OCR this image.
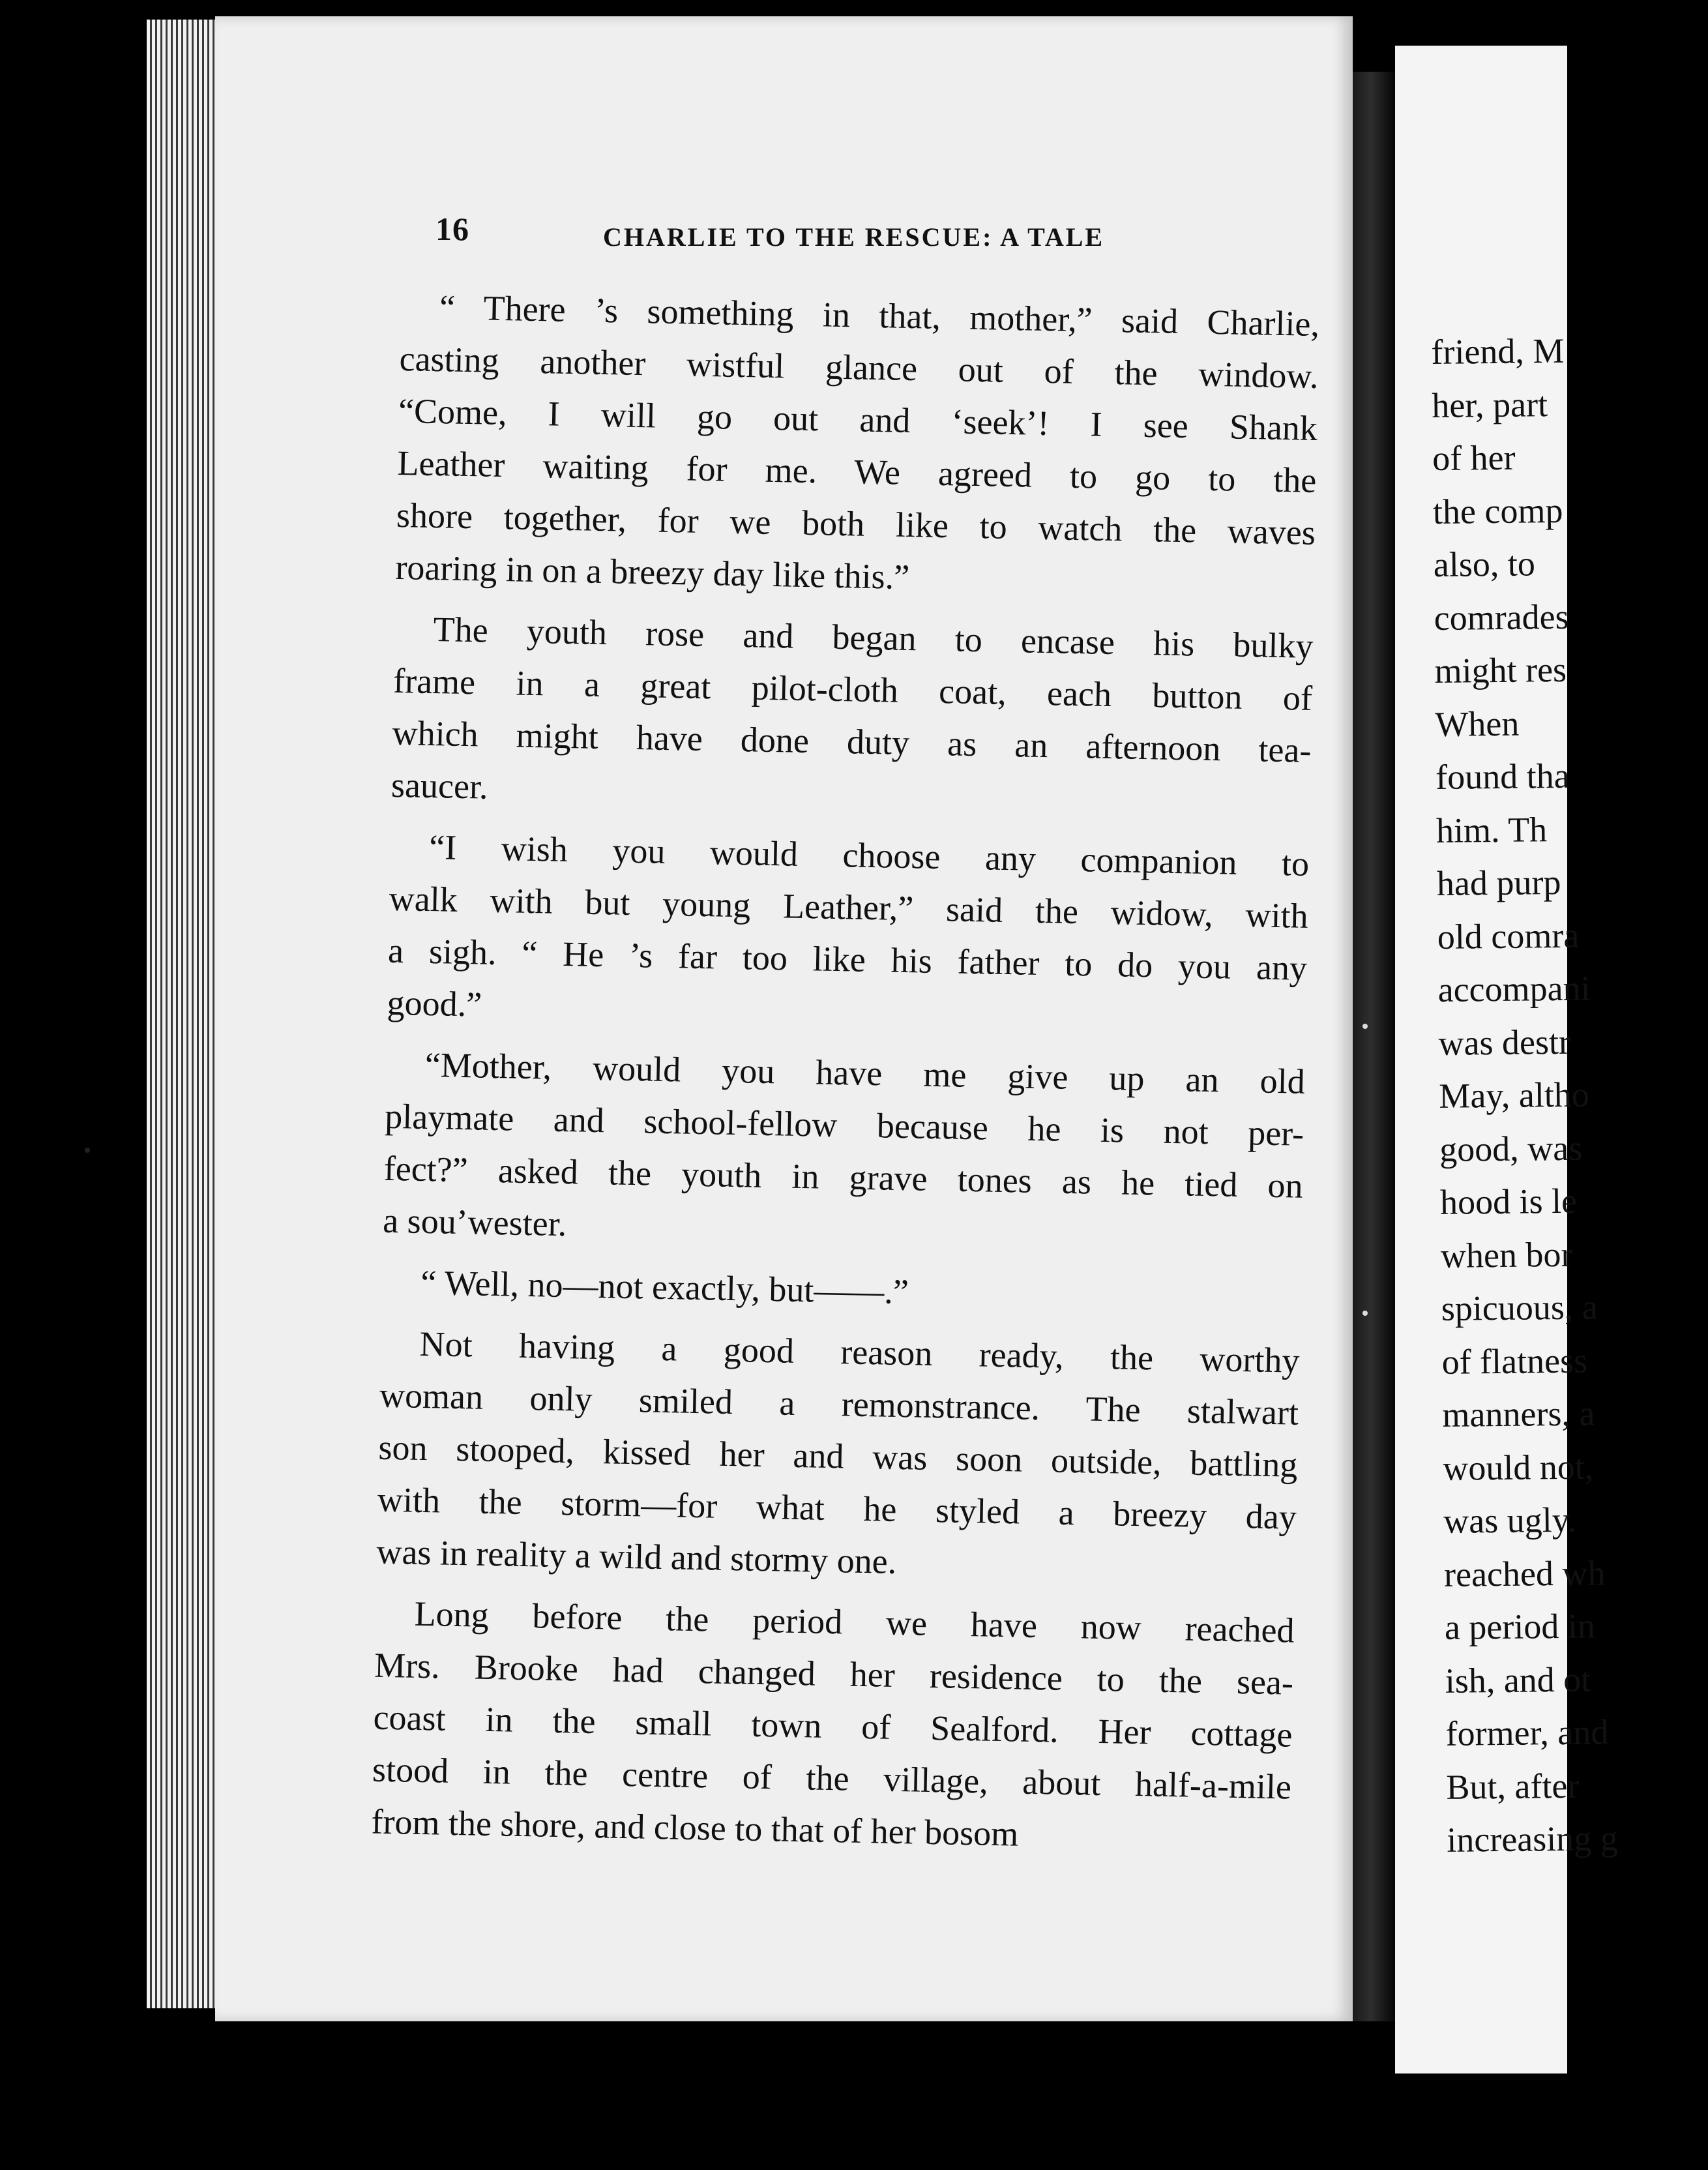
16	CHARLIE TO THE RESCUE: A TALE
“ There ’s something in that, mother,” said Charlie,
casting another wistful glance out of the window.
“Come, I will go out and ‘seek’! I see Shank
Leather waiting for me. We agreed to go to the
shore together, for we both like to watch the waves
roaring in on a breezy day like this.”
The youth rose and began to encase his bulky
frame in a great pilot-cloth coat, each button of
which might have done duty as an afternoon tea-
saucer.
“I wish you would choose any companion to
walk with but young Leather,” said the widow, with
a sigh. “ He ’s far too like his father to do you any
good.”
“Mother, would you have me give up an old
playmate and school-fellow because he is not per-
fect?” asked the youth in grave tones as he tied on
a sou’wester.
“ Well, no—not exactly, but——.”
Not having a good reason ready, the worthy
woman only smiled a remonstrance. The stalwart
son stooped, kissed her and was soon outside, battling
with the storm—for what he styled a breezy day
was in reality a wild and stormy one.
Long before the period we have now reached
Mrs. Brooke had changed her residence to the sea-
coast in the small town of Sealford. Her cottage
stood in the centre of the village, about half-a-mile
from the shore, and close to that of her bosom
friend, M
her, part
of her
the comp
also, to
comrades
might res
When
found tha
him. Th
had purp
old comra
accompani
was destr
May, altho
good, was
hood is le
when bor
spicuous, a
of flatness
manners, a
would not,
was ugly.
reached wh
a period in
ish, and ot
former, and
But, after
increasing g
